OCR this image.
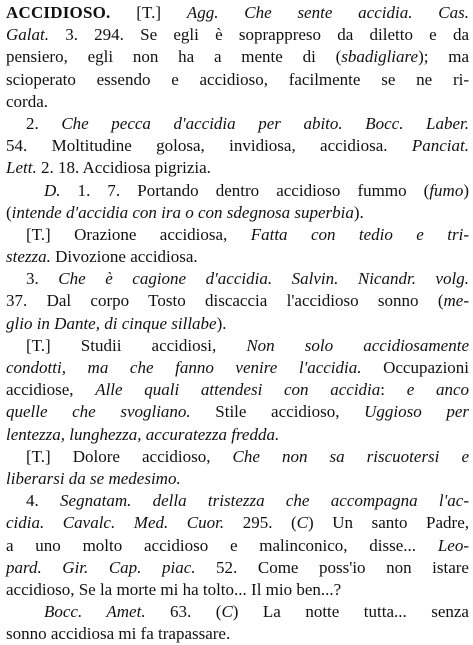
ACCIDIOSO. [T.] Agg. Che sente accidia. Cas.
Galat. 3. 294. Se egli è soprappreso da diletto e da
pensiero, egli non ha a mente di (sbadigliare); ma
scioperato essendo e accidioso, facilmente se ne ri-
corda.
2. Che pecca d'accidia per abito. Bocc. Laber.
54. Moltitudine golosa, invidiosa, accidiosa. Panciat.
Lett. 2. 18. Accidiosa pigrizia.
D. 1. 7. Portando dentro accidioso fummo (fumo)
(intende d'accidia con ira o con sdegnosa superbia).
[T.] Orazione accidiosa, Fatta con tedio e tri-
stezza. Divozione accidiosa.
3. Che è cagione d'accidia. Salvin. Nicandr. volg.
37. Dal corpo Tosto discaccia l'accidioso sonno (me-
glio in Dante, di cinque sillabe).
[T.] Studii accidiosi, Non solo accidiosamente
condotti, ma che fanno venire l'accidia. Occupazioni
accidiose, Alle quali attendesi con accidia: e anco
quelle che svogliano. Stile accidioso, Uggioso per
lentezza, lunghezza, accuratezza fredda.
[T.] Dolore accidioso, Che non sa riscuotersi e
liberarsi da se medesimo.
4. Segnatam. della tristezza che accompagna l'ac-
cidia. Cavalc. Med. Cuor. 295. (C) Un santo Padre,
a uno molto accidioso e malinconico, disse... Leo-
pard. Gir. Cap. piac. 52. Come poss'io non istare
accidioso, Se la morte mi ha tolto... Il mio ben...?
Bocc. Amet. 63. (C) La notte tutta... senza
sonno accidiosa mi fa trapassare.
